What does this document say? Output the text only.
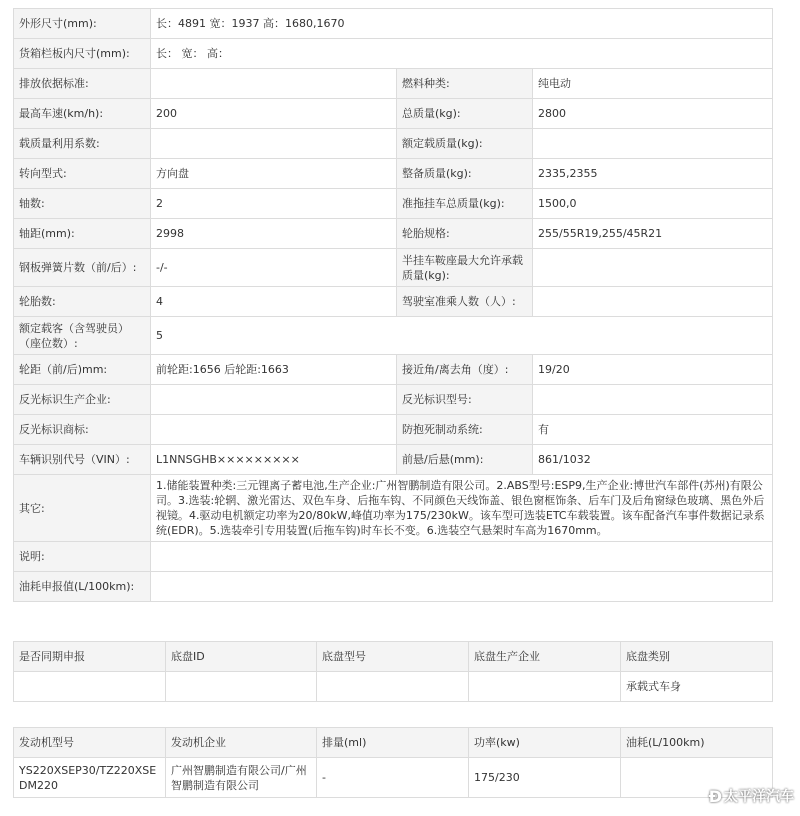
外形尺寸(mm):	长：4891 宽：1937 高：1680,1670		
货箱栏板内尺寸(mm):	长： 宽： 高：		
排放依据标准:		燃料种类:	纯电动
最高车速(km/h):	200	总质量(kg):	2800
载质量利用系数:		额定载质量(kg):	
转向型式:	方向盘	整备质量(kg):	2335,2355
轴数:	2	准拖挂车总质量(kg):	1500,0
轴距(mm):	2998	轮胎规格:	255/55R19,255/45R21
钢板弹簧片数（前/后）:	-/-	半挂车鞍座最大允许承载质量(kg):	
轮胎数:	4	驾驶室准乘人数（人）:	
额定载客（含驾驶员）（座位数）:	5		
轮距（前/后)mm:	前轮距:1656 后轮距:1663	接近角/离去角（度）:	19/20
反光标识生产企业:		反光标识型号:	
反光标识商标:		防抱死制动系统:	有
车辆识别代号（VIN）:	L1NNSGHB×××××××××	前悬/后悬(mm):	861/1032
其它:	1.储能装置种类:三元锂离子蓄电池,生产企业:广州智鹏制造有限公司。2.ABS型号:ESP9,生产企业:博世汽车部件(苏州)有限公司。3.选装:轮辋、激光雷达、双色车身、后拖车钩、不同颜色天线饰盖、银色窗框饰条、后车门及后角窗绿色玻璃、黑色外后视镜。4.驱动电机额定功率为20/80kW,峰值功率为175/230kW。该车型可选装ETC车载装置。该车配备汽车事件数据记录系统(EDR)。5.选装牵引专用装置(后拖车钩)时车长不变。6.选装空气悬架时车高为1670mm。		
说明:			
油耗申报值(L/100km):			
是否同期申报	底盘ID	底盘型号	底盘生产企业	底盘类别
				承载式车身
发动机型号	发动机企业	排量(ml)	功率(kw)	油耗(L/100km)
YS220XSEP30/TZ220XSEDM220	广州智鹏制造有限公司/广州智鹏制造有限公司	-	175/230	
Ð 太平洋汽车
